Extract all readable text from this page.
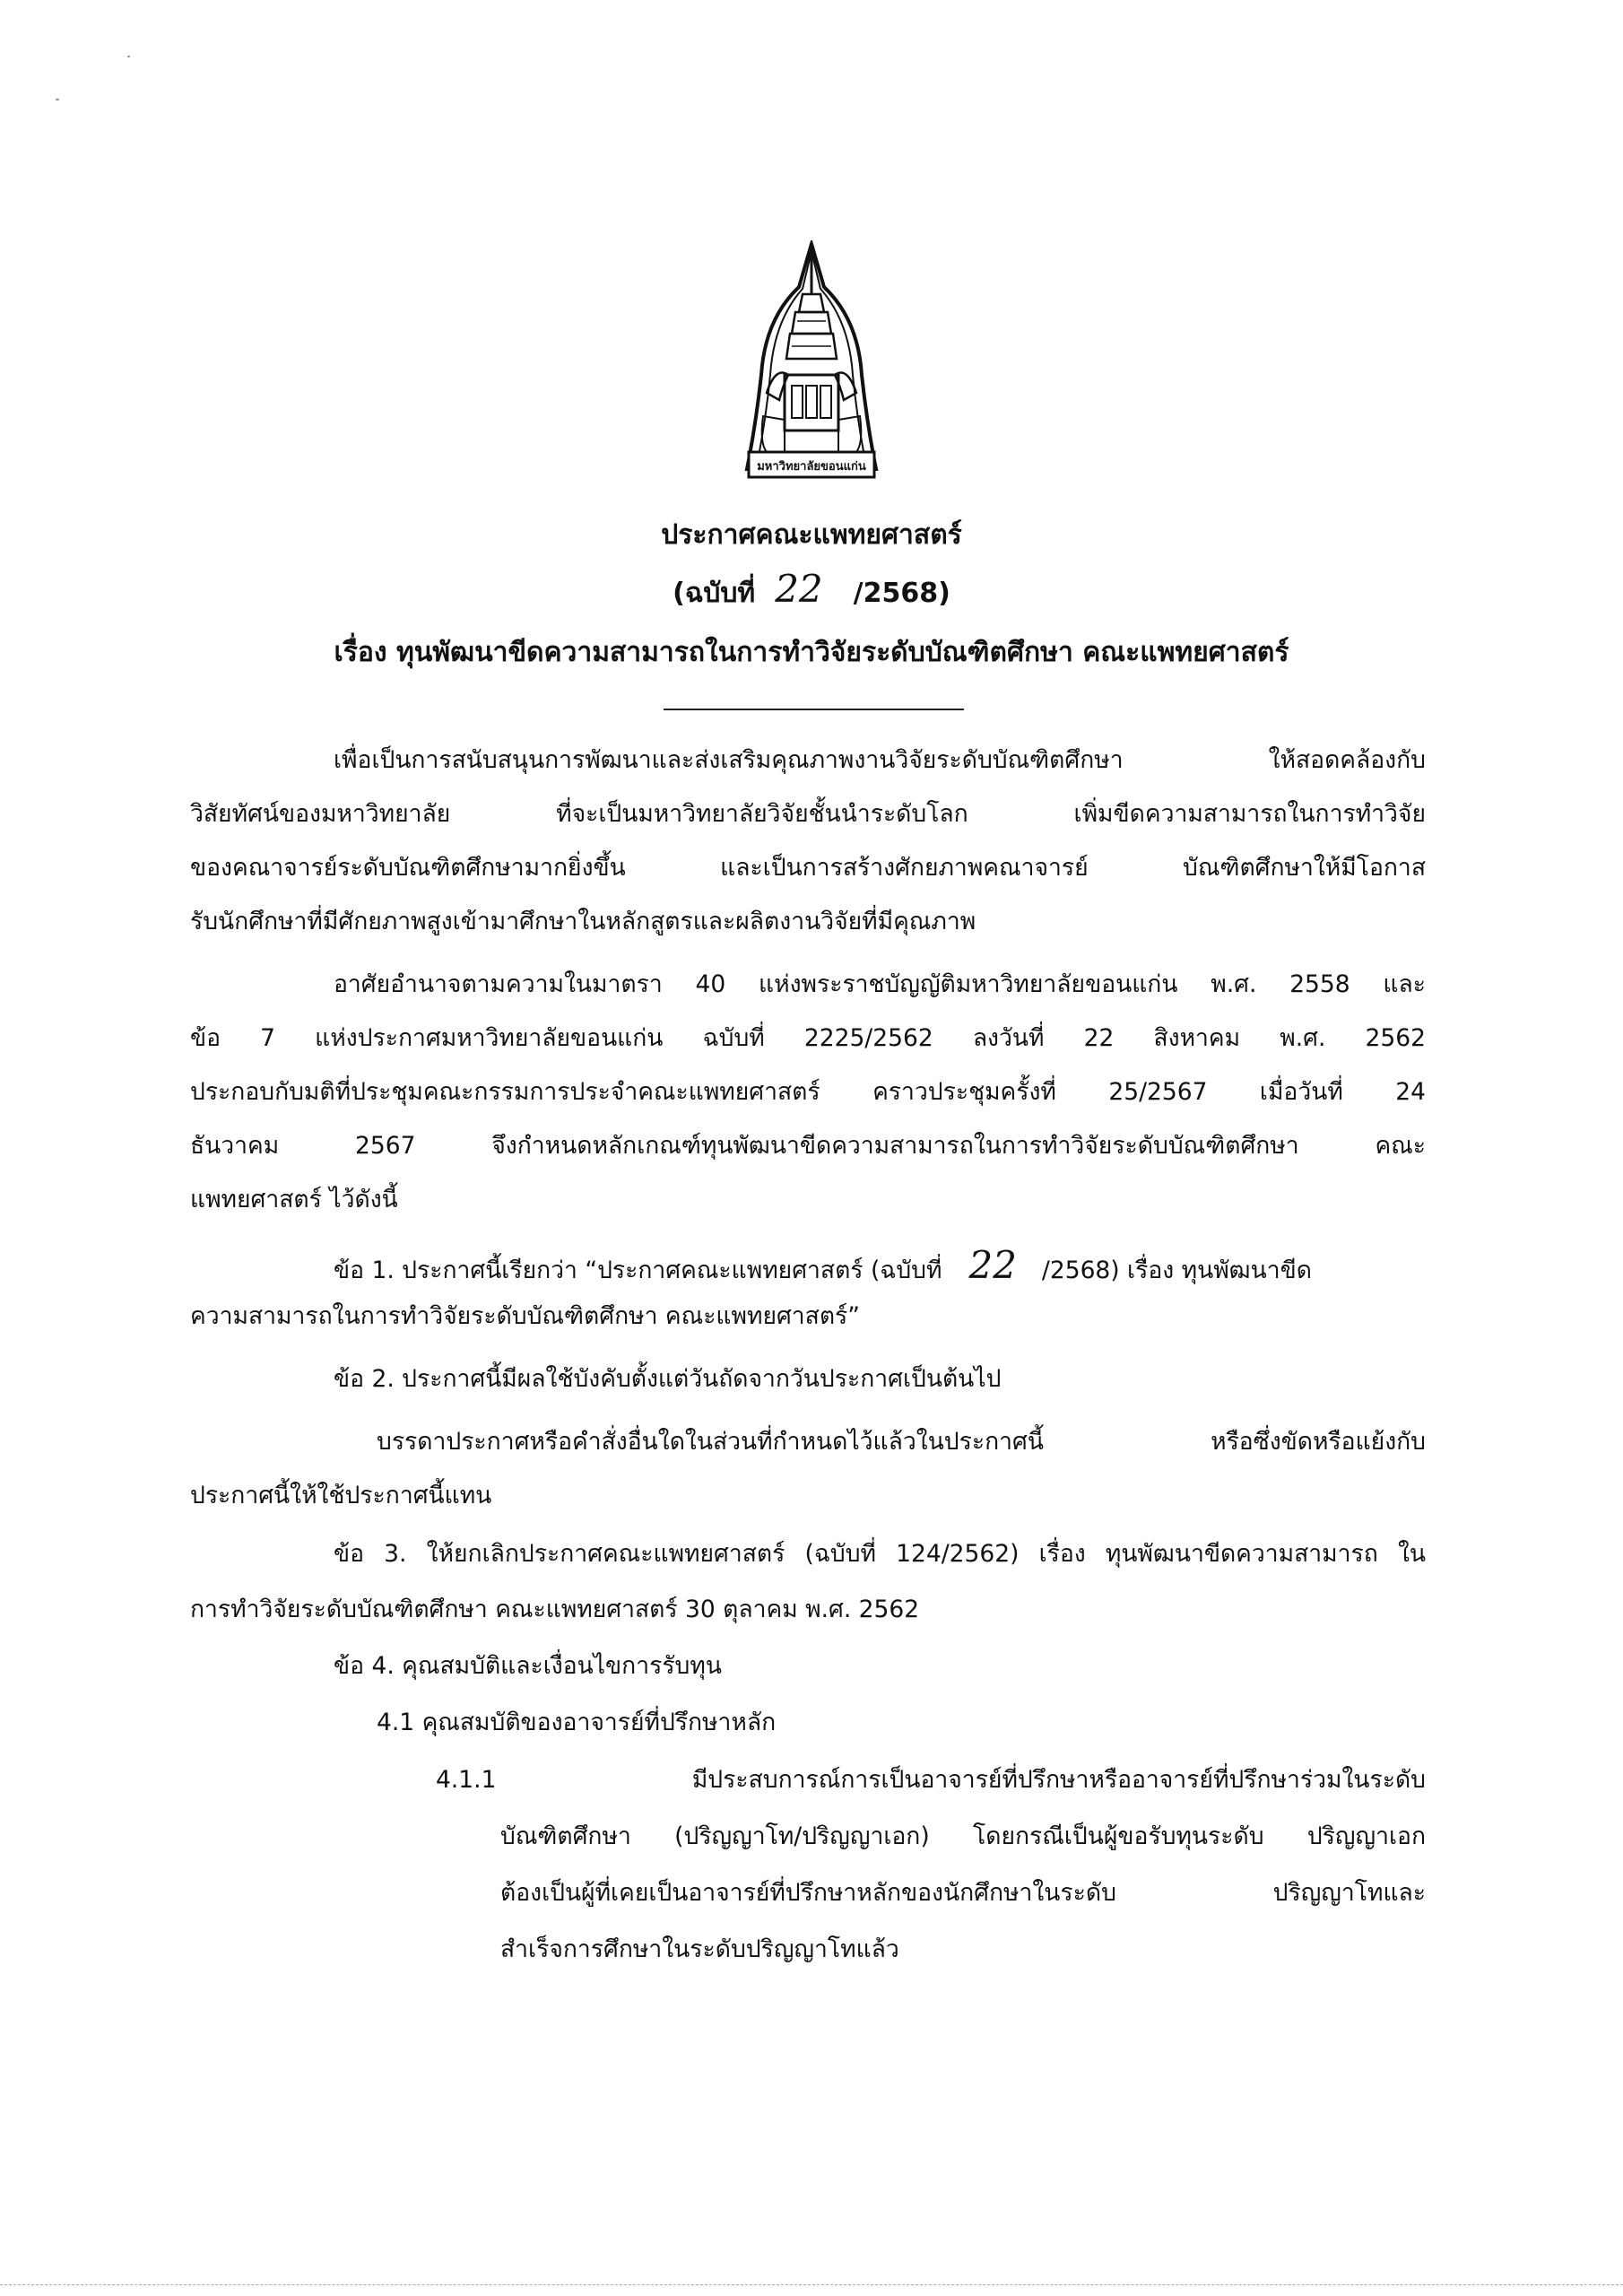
มหาวิทยาลัยขอนแก่น
ประกาศคณะแพทยศาสตร์
(ฉบับที่ 22 /2568)
เรื่อง ทุนพัฒนาขีดความสามารถในการทำวิจัยระดับบัณฑิตศึกษา คณะแพทยศาสตร์
เพื่อเป็นการสนับสนุนการพัฒนาและส่งเสริมคุณภาพงานวิจัยระดับบัณฑิตศึกษา ให้สอดคล้องกับ
วิสัยทัศน์ของมหาวิทยาลัย ที่จะเป็นมหาวิทยาลัยวิจัยชั้นนำระดับโลก เพิ่มขีดความสามารถในการทำวิจัย
ของคณาจารย์ระดับบัณฑิตศึกษามากยิ่งขึ้น และเป็นการสร้างศักยภาพคณาจารย์ บัณฑิตศึกษาให้มีโอกาส
รับนักศึกษาที่มีศักยภาพสูงเข้ามาศึกษาในหลักสูตรและผลิตงานวิจัยที่มีคุณภาพ
อาศัยอำนาจตามความในมาตรา 40 แห่งพระราชบัญญัติมหาวิทยาลัยขอนแก่น พ.ศ. 2558 และ
ข้อ 7 แห่งประกาศมหาวิทยาลัยขอนแก่น ฉบับที่ 2225/2562 ลงวันที่ 22 สิงหาคม พ.ศ. 2562
ประกอบกับมติที่ประชุมคณะกรรมการประจำคณะแพทยศาสตร์ คราวประชุมครั้งที่ 25/2567 เมื่อวันที่ 24
ธันวาคม 2567 จึงกำหนดหลักเกณฑ์ทุนพัฒนาขีดความสามารถในการทำวิจัยระดับบัณฑิตศึกษา คณะ
แพทยศาสตร์ ไว้ดังนี้
ข้อ 1. ประกาศนี้เรียกว่า “ประกาศคณะแพทยศาสตร์ (ฉบับที่ 22 /2568) เรื่อง ทุนพัฒนาขีด
ความสามารถในการทำวิจัยระดับบัณฑิตศึกษา คณะแพทยศาสตร์”
ข้อ 2. ประกาศนี้มีผลใช้บังคับตั้งแต่วันถัดจากวันประกาศเป็นต้นไป
บรรดาประกาศหรือคำสั่งอื่นใดในส่วนที่กำหนดไว้แล้วในประกาศนี้ หรือซึ่งขัดหรือแย้งกับ
ประกาศนี้ให้ใช้ประกาศนี้แทน
ข้อ 3. ให้ยกเลิกประกาศคณะแพทยศาสตร์ (ฉบับที่ 124/2562) เรื่อง ทุนพัฒนาขีดความสามารถ ใน
การทำวิจัยระดับบัณฑิตศึกษา คณะแพทยศาสตร์ 30 ตุลาคม พ.ศ. 2562
ข้อ 4. คุณสมบัติและเงื่อนไขการรับทุน
4.1 คุณสมบัติของอาจารย์ที่ปรึกษาหลัก
4.1.1 มีประสบการณ์การเป็นอาจารย์ที่ปรึกษาหรืออาจารย์ที่ปรึกษาร่วมในระดับ
บัณฑิตศึกษา (ปริญญาโท/ปริญญาเอก) โดยกรณีเป็นผู้ขอรับทุนระดับ ปริญญาเอก
ต้องเป็นผู้ที่เคยเป็นอาจารย์ที่ปรึกษาหลักของนักศึกษาในระดับ ปริญญาโทและ
สำเร็จการศึกษาในระดับปริญญาโทแล้ว
